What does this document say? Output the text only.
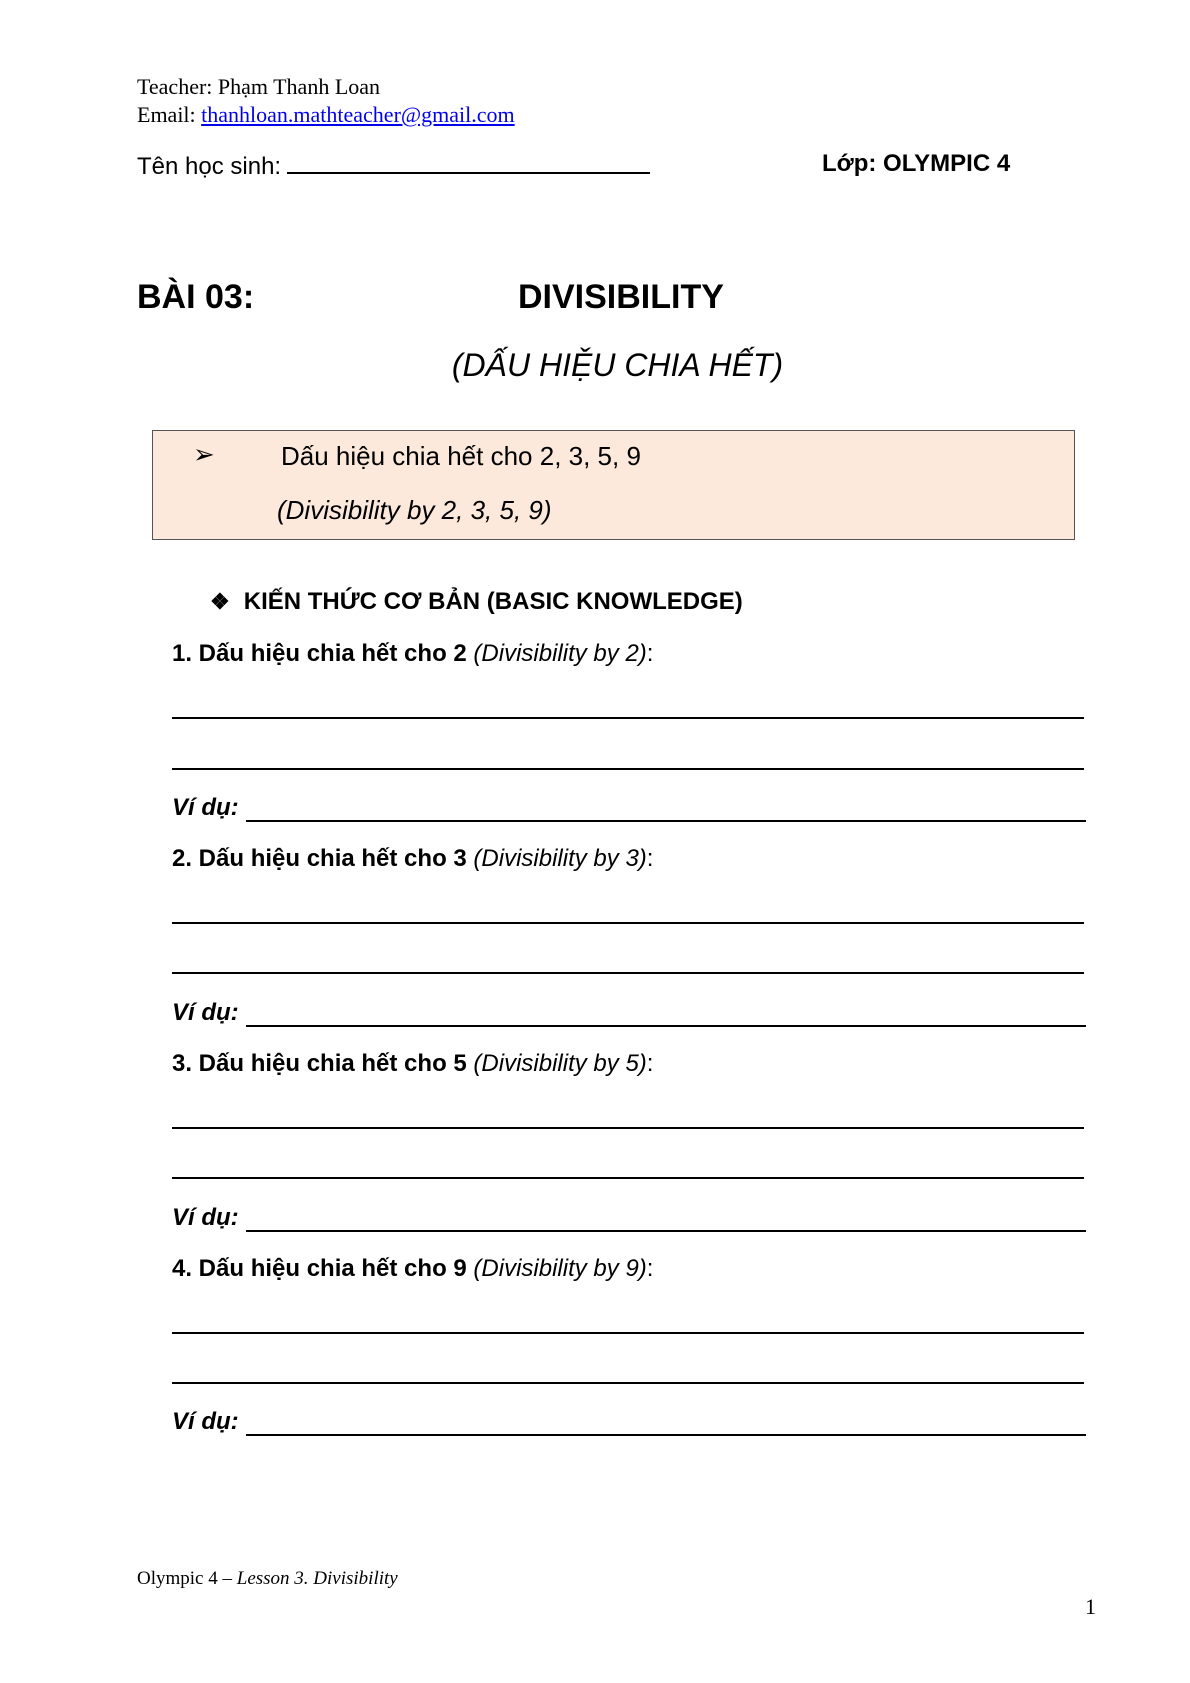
Teacher: Phạm Thanh Loan
Email: thanhloan.mathteacher@gmail.com
Tên học sinh:	Lớp: OLYMPIC 4
BÀI 03:	DIVISIBILITY
(DẤU HIỆU CHIA HẾT)
➢	Dấu hiệu chia hết cho 2, 3, 5, 9
(Divisibility by 2, 3, 5, 9)
❖ KIẾN THỨC CƠ BẢN (BASIC KNOWLEDGE)
1. Dấu hiệu chia hết cho 2 (Divisibility by 2):
Ví dụ:
2. Dấu hiệu chia hết cho 3 (Divisibility by 3):
Ví dụ:
3. Dấu hiệu chia hết cho 5 (Divisibility by 5):
Ví dụ:
4. Dấu hiệu chia hết cho 9 (Divisibility by 9):
Ví dụ:
Olympic 4 – Lesson 3. Divisibility
1
